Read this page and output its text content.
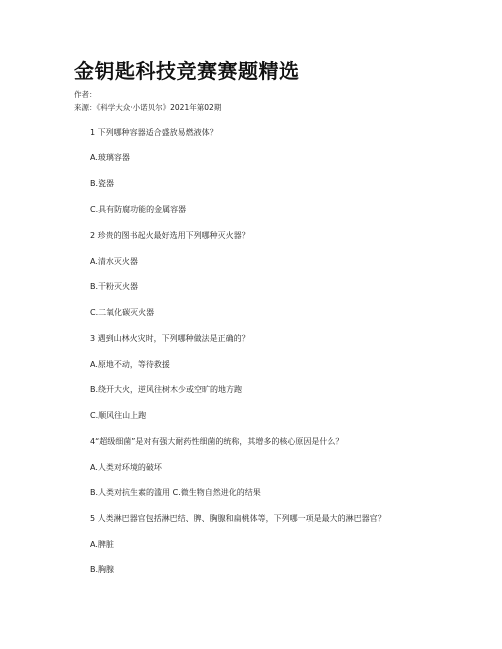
金钥匙科技竞赛赛题精选
作者：
来源：《科学大众·小诺贝尔》2021年第02期
1 下列哪种容器适合盛放易燃液体？
A.玻璃容器
B.瓷器
C.具有防腐功能的金属容器
2 珍贵的图书起火最好选用下列哪种灭火器？
A.清水灭火器
B.干粉灭火器
C.二氧化碳灭火器
3 遇到山林火灾时，下列哪种做法是正确的？
A.原地不动，等待救援
B.绕开大火，逆风往树木少或空旷的地方跑
C.顺风往山上跑
4“超级细菌”是对有强大耐药性细菌的统称，其增多的核心原因是什么？
A.人类对环境的破坏
B.人类对抗生素的滥用 C.微生物自然进化的结果
5 人类淋巴器官包括淋巴结、脾、胸腺和扁桃体等，下列哪一项是最大的淋巴器官？
A.脾脏
B.胸腺
